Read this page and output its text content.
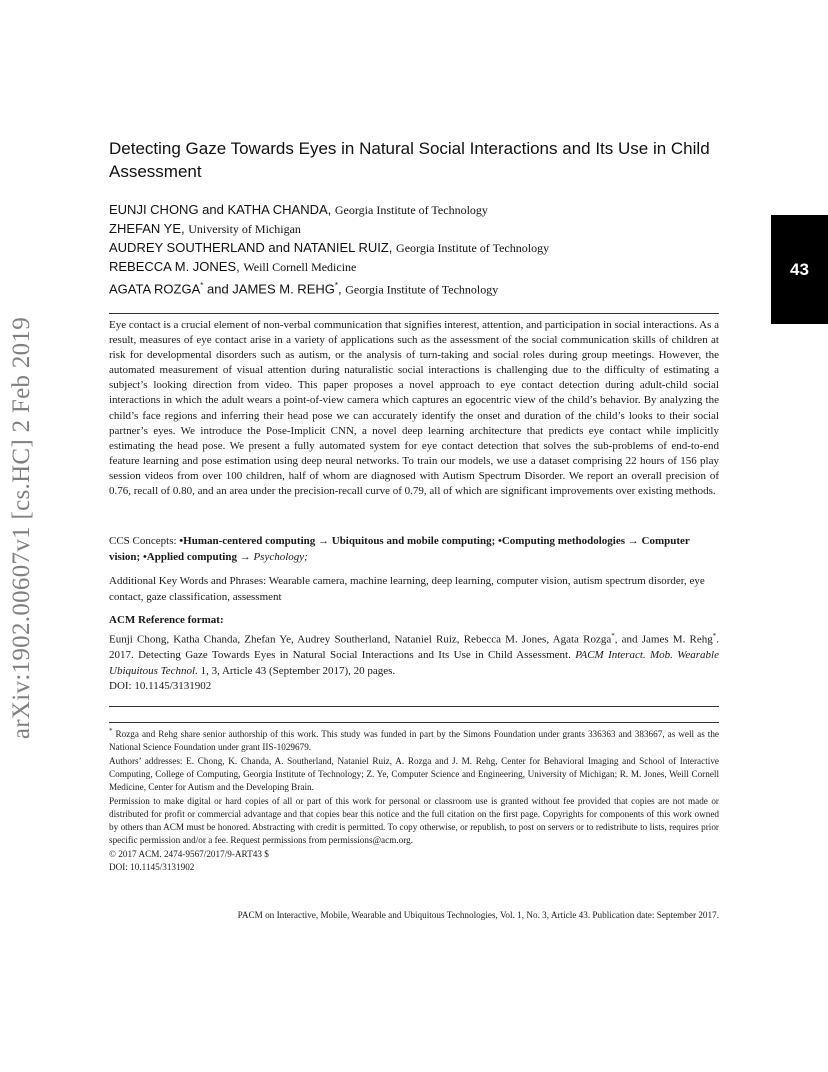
arXiv:1902.00607v1 [cs.HC] 2 Feb 2019
43
Detecting Gaze Towards Eyes in Natural Social Interactions and Its Use in Child Assessment
EUNJI CHONG and KATHA CHANDA, Georgia Institute of Technology
ZHEFAN YE, University of Michigan
AUDREY SOUTHERLAND and NATANIEL RUIZ, Georgia Institute of Technology
REBECCA M. JONES, Weill Cornell Medicine
AGATA ROZGA* and JAMES M. REHG*, Georgia Institute of Technology

Eye contact is a crucial element of non-verbal communication that signifies interest, attention, and participation in social interactions. As a result, measures of eye contact arise in a variety of applications such as the assessment of the social communication skills of children at risk for developmental disorders such as autism, or the analysis of turn-taking and social roles during group meetings. However, the automated measurement of visual attention during naturalistic social interactions is challenging due to the difficulty of estimating a subject’s looking direction from video. This paper proposes a novel approach to eye contact detection during adult-child social interactions in which the adult wears a point-of-view camera which captures an egocentric view of the child’s behavior. By analyzing the child’s face regions and inferring their head pose we can accurately identify the onset and duration of the child’s looks to their social partner’s eyes. We introduce the Pose-Implicit CNN, a novel deep learning architecture that predicts eye contact while implicitly estimating the head pose. We present a fully automated system for eye contact detection that solves the sub-problems of end-to-end feature learning and pose estimation using deep neural networks. To train our models, we use a dataset comprising 22 hours of 156 play session videos from over 100 children, half of whom are diagnosed with Autism Spectrum Disorder. We report an overall precision of 0.76, recall of 0.80, and an area under the precision-recall curve of 0.79, all of which are significant improvements over existing methods.

CCS Concepts: •Human-centered computing → Ubiquitous and mobile computing; •Computing methodologies → Computer vision; •Applied computing → Psychology;

Additional Key Words and Phrases: Wearable camera, machine learning, deep learning, computer vision, autism spectrum disorder, eye contact, gaze classification, assessment

ACM Reference format:

Eunji Chong, Katha Chanda, Zhefan Ye, Audrey Southerland, Nataniel Ruiz, Rebecca M. Jones, Agata Rozga*, and James M. Rehg*. 2017. Detecting Gaze Towards Eyes in Natural Social Interactions and Its Use in Child Assessment. PACM Interact. Mob. Wearable Ubiquitous Technol. 1, 3, Article 43 (September 2017), 20 pages.
DOI: 10.1145/3131902

* Rozga and Rehg share senior authorship of this work. This study was funded in part by the Simons Foundation under grants 336363 and 383667, as well as the National Science Foundation under grant IIS-1029679.

Authors’ addresses: E. Chong, K. Chanda, A. Southerland, Nataniel Ruiz, A. Rozga and J. M. Rehg, Center for Behavioral Imaging and School of Interactive Computing, College of Computing, Georgia Institute of Technology; Z. Ye, Computer Science and Engineering, University of Michigan; R. M. Jones, Weill Cornell Medicine, Center for Autism and the Developing Brain.

Permission to make digital or hard copies of all or part of this work for personal or classroom use is granted without fee provided that copies are not made or distributed for profit or commercial advantage and that copies bear this notice and the full citation on the first page. Copyrights for components of this work owned by others than ACM must be honored. Abstracting with credit is permitted. To copy otherwise, or republish, to post on servers or to redistribute to lists, requires prior specific permission and/or a fee. Request permissions from permissions@acm.org.

© 2017 ACM. 2474-9567/2017/9-ART43 $

DOI: 10.1145/3131902

PACM on Interactive, Mobile, Wearable and Ubiquitous Technologies, Vol. 1, No. 3, Article 43. Publication date: September 2017.
